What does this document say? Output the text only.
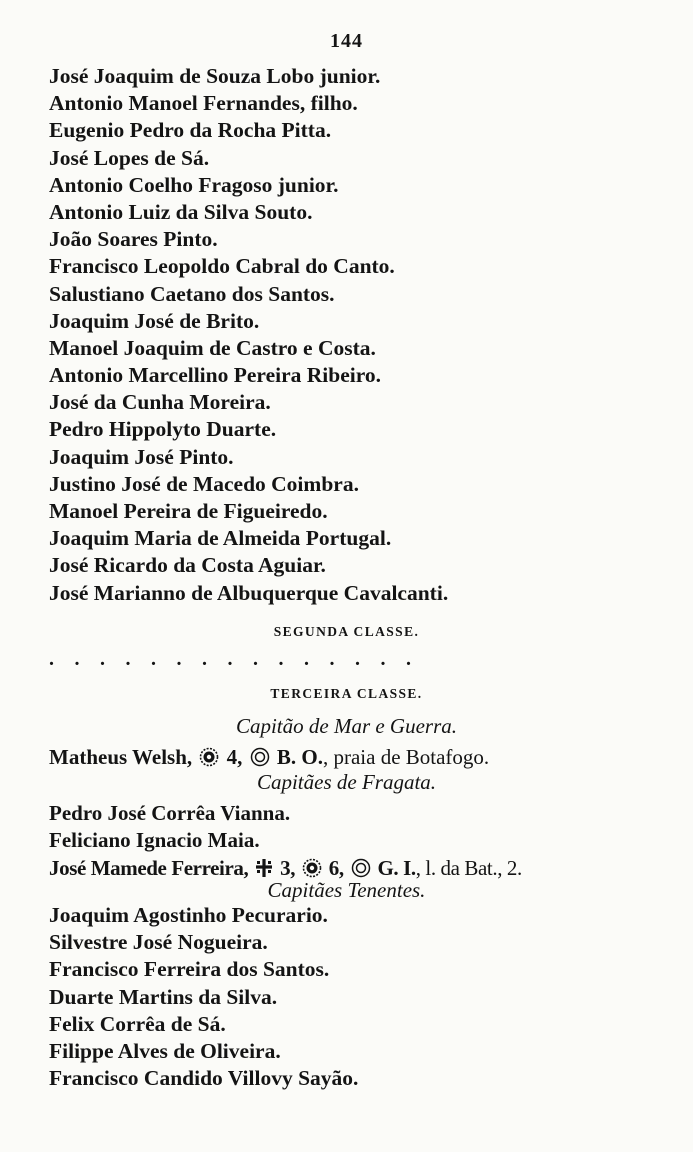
144
José Joaquim de Souza Lobo junior.
Antonio Manoel Fernandes, filho.
Eugenio Pedro da Rocha Pitta.
José Lopes de Sá.
Antonio Coelho Fragoso junior.
Antonio Luiz da Silva Souto.
João Soares Pinto.
Francisco Leopoldo Cabral do Canto.
Salustiano Caetano dos Santos.
Joaquim José de Brito.
Manoel Joaquim de Castro e Costa.
Antonio Marcellino Pereira Ribeiro.
José da Cunha Moreira.
Pedro Hippolyto Duarte.
Joaquim José Pinto.
Justino José de Macedo Coimbra.
Manoel Pereira de Figueiredo.
Joaquim Maria de Almeida Portugal.
José Ricardo da Costa Aguiar.
José Marianno de Albuquerque Cavalcanti.
SEGUNDA CLASSE.
...............
TERCEIRA CLASSE.
Capitão de Mar e Guerra.
Matheus Welsh, 4, B. O., praia de Botafogo.
Capitães de Fragata.
Pedro José Corrêa Vianna.
Feliciano Ignacio Maia.
José Mamede Ferreira, 3, 6, G. I., l. da Bat., 2.
Capitães Tenentes.
Joaquim Agostinho Pecurario.
Silvestre José Nogueira.
Francisco Ferreira dos Santos.
Duarte Martins da Silva.
Felix Corrêa de Sá.
Filippe Alves de Oliveira.
Francisco Candido Villovy Sayão.
